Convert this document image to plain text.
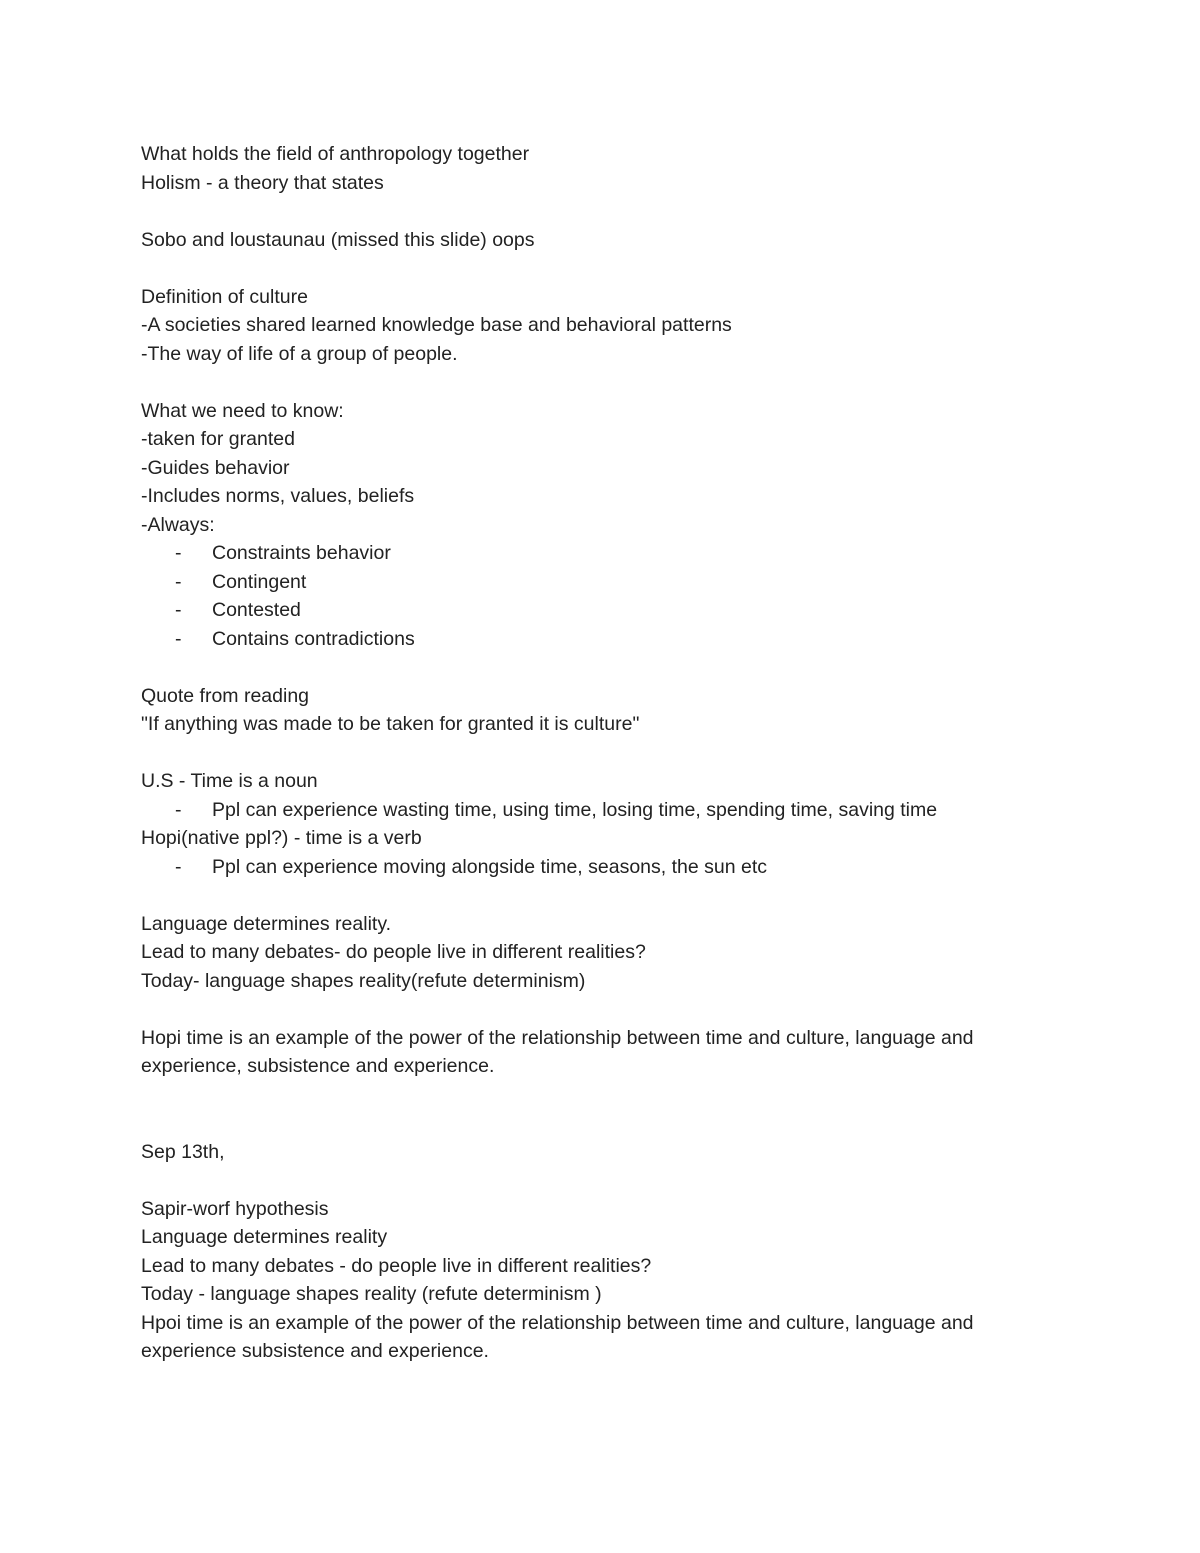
What holds the field of anthropology together
Holism - a theory that states
Sobo and loustaunau (missed this slide) oops
Definition of culture
-A societies shared learned knowledge base and behavioral patterns
-The way of life of a group of people.
What we need to know:
-taken for granted
-Guides behavior
-Includes norms, values, beliefs
-Always:
-	Constraints behavior
-	Contingent
-	Contested
-	Contains contradictions
Quote from reading
"If anything was made to be taken for granted it is culture"
U.S - Time is a noun
-	Ppl can experience wasting time, using time, losing time, spending time, saving time
Hopi(native ppl?) - time is a verb
-	Ppl can experience moving alongside time, seasons, the sun etc
Language determines reality.
Lead to many debates- do people live in different realities?
Today- language shapes reality(refute determinism)
Hopi time is an example of the power of the relationship between time and culture, language and experience, subsistence and experience.
Sep 13th,
Sapir-worf hypothesis
Language determines reality
Lead to many debates - do people live in different realities?
Today - language shapes reality (refute determinism )
Hpoi time is an example of the power of the relationship between time and culture, language and experience subsistence and experience.
